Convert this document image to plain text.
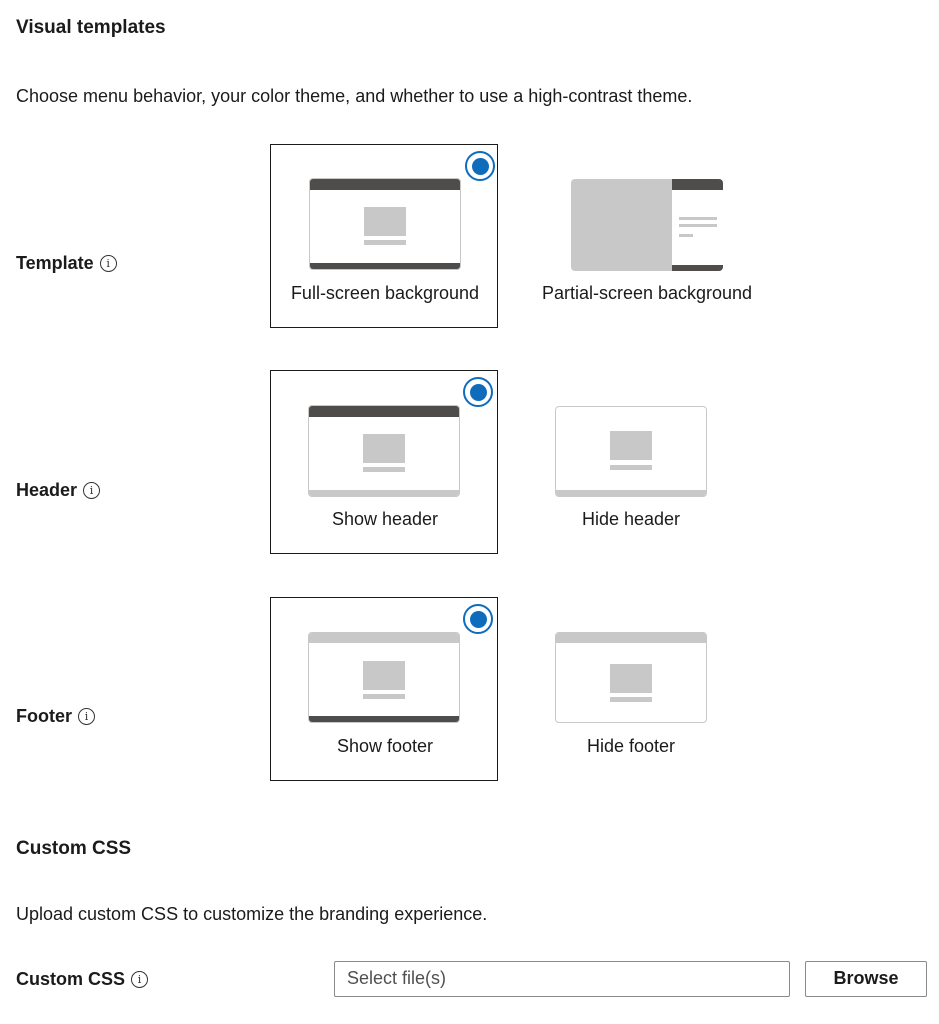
Visual templates
Choose menu behavior, your color theme, and whether to use a high-contrast theme.
Template	i
Full-screen background	Partial-screen background
Header	i
Show header	Hide header
Footer	i
Show footer	Hide footer
Custom CSS
Upload custom CSS to customize the branding experience.
Custom CSS	i	Select file(s)	Browse
